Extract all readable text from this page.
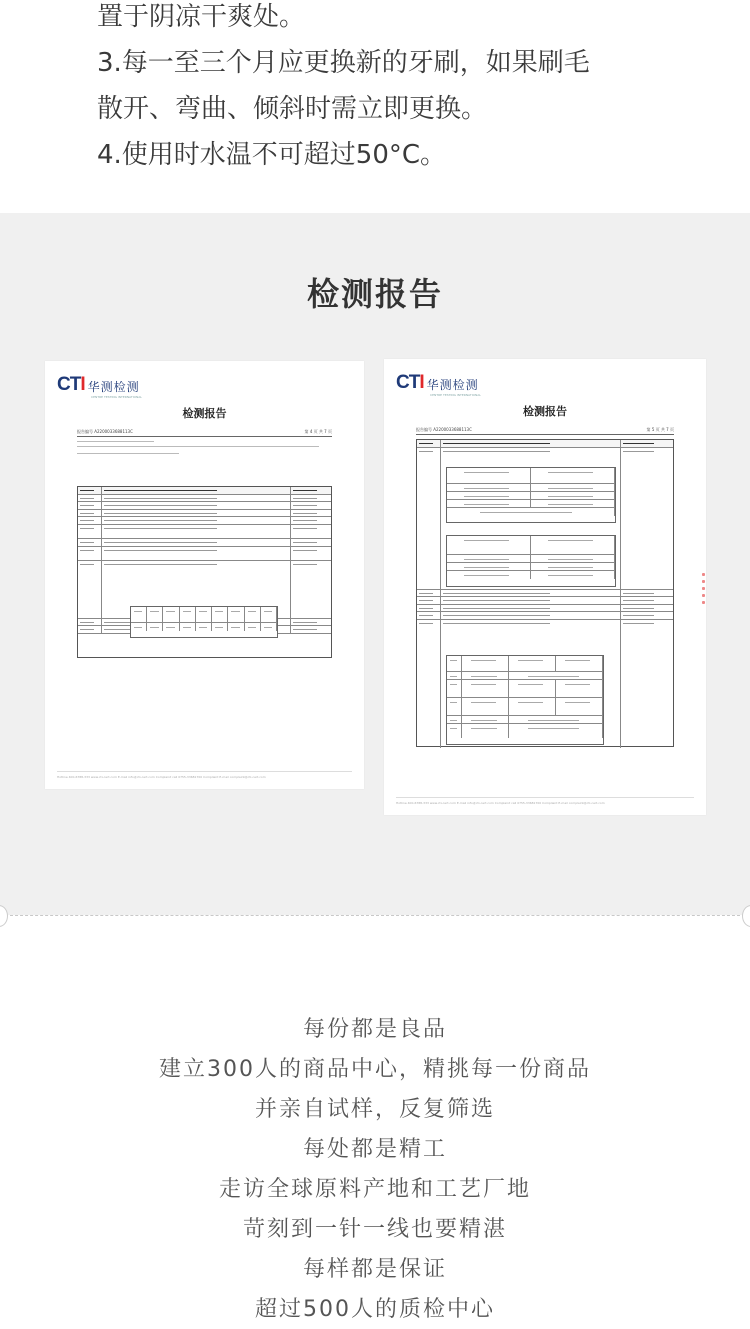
置于阴凉干爽处。

3.每一至三个月应更换新的牙刷，如果刷毛

散开、弯曲、倾斜时需立即更换。

4.使用时水温不可超过50°C。

检测报告
CTI 华测检测
CENTRE TESTING INTERNATIONAL
检测报告
报告编号 A2200033688113C	第 4 页 共 7 页
Hotline 400-6788-333 www.cti-cert.com E-mail info@cti-cert.com Complaint call 0755-33681700 Complaint E-mail complaint@cti-cert.com
CTI 华测检测
CENTRE TESTING INTERNATIONAL
检测报告
报告编号 A2200033688113C	第 5 页 共 7 页
Hotline 400-6788-333 www.cti-cert.com E-mail info@cti-cert.com Complaint call 0755-33681700 Complaint E-mail complaint@cti-cert.com

每份都是良品

建立300人的商品中心，精挑每一份商品

并亲自试样，反复筛选

每处都是精工

走访全球原料产地和工艺厂地

苛刻到一针一线也要精湛

每样都是保证

超过500人的质检中心
